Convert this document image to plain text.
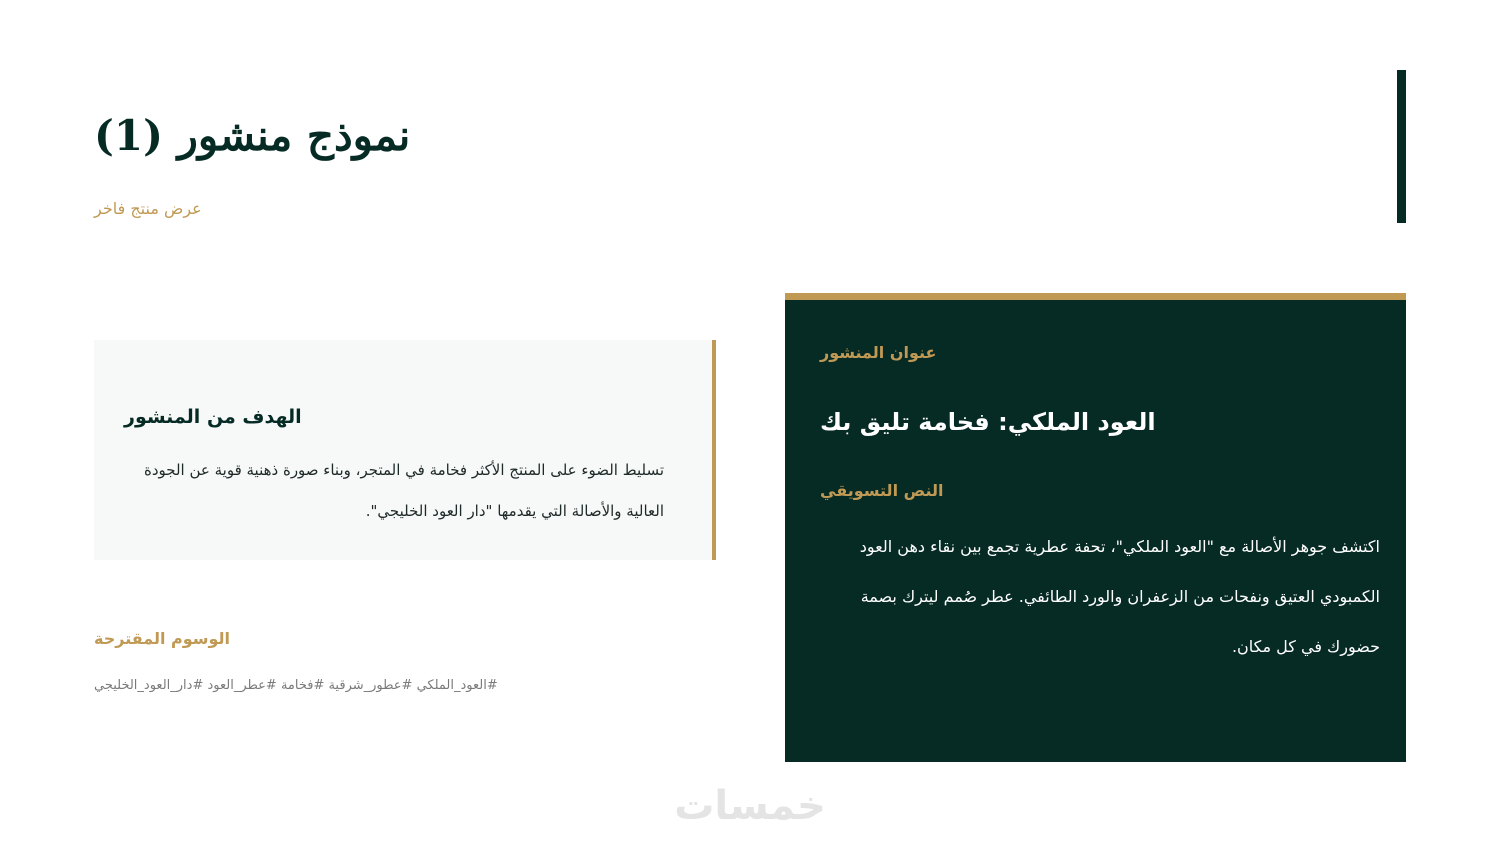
نموذج منشور (1)
عرض منتج فاخر
الهدف من المنشور
تسليط الضوء على المنتج الأكثر فخامة في المتجر، وبناء صورة ذهنية قوية عن الجودة العالية والأصالة التي يقدمها "دار العود الخليجي".
الوسوم المقترحة
#العود_الملكي #عطور_شرقية #فخامة #عطر_العود #دار_العود_الخليجي
عنوان المنشور
العود الملكي: فخامة تليق بك
النص التسويقي
اكتشف جوهر الأصالة مع "العود الملكي"، تحفة عطرية تجمع بين نقاء دهن العود الكمبودي العتيق ونفحات من الزعفران والورد الطائفي. عطر صُمم ليترك بصمة حضورك في كل مكان.
خمسات
